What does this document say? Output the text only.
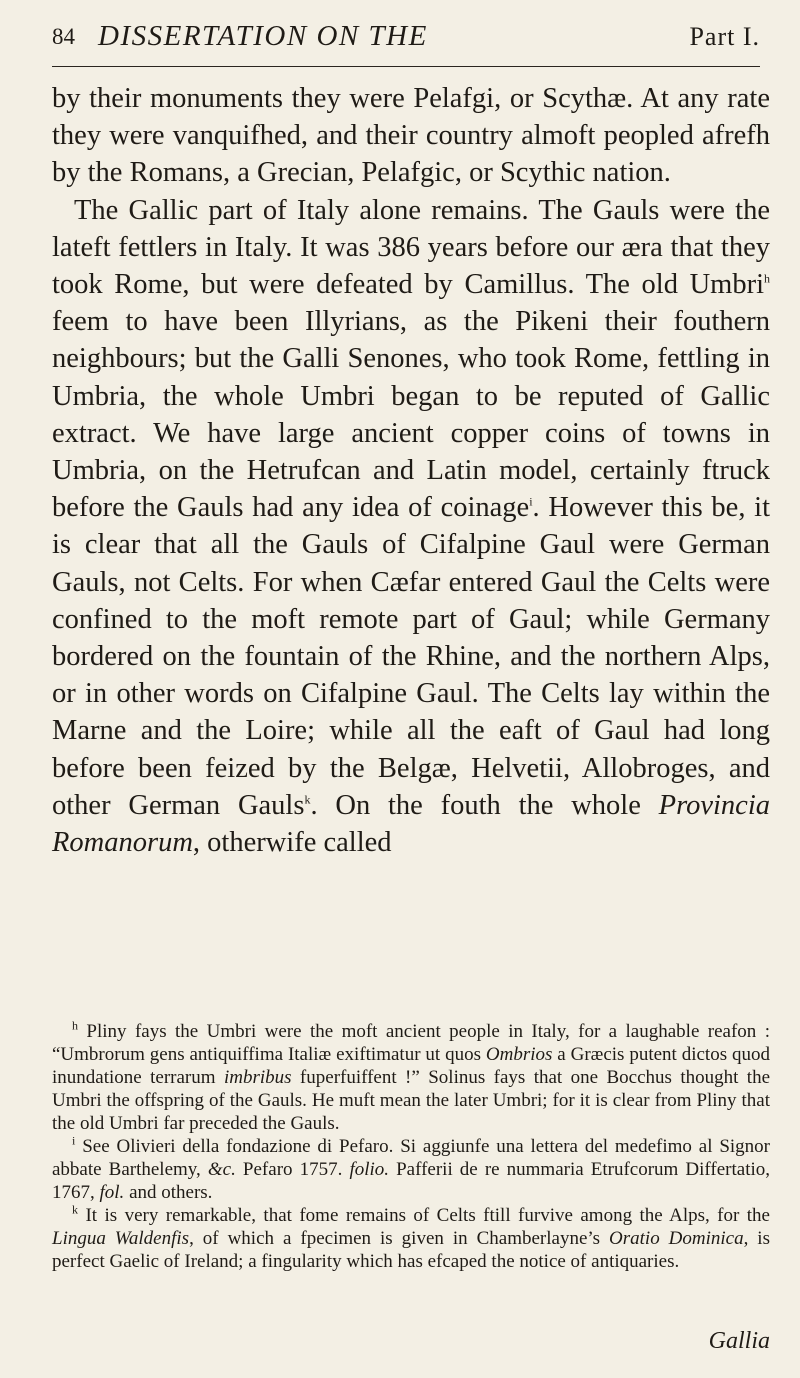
84 DISSERTATION ON THE	Part I.

by their monuments they were Pelafgi, or Scythæ. At any rate they were vanquifhed, and their country almoft peopled afrefh by the Romans, a Grecian, Pelafgic, or Scythic nation.

The Gallic part of Italy alone remains. The Gauls were the lateft fettlers in Italy. It was 386 years before our æra that they took Rome, but were defeated by Camillus. The old Umbri$^h$ feem to have been Illyrians, as the Pikeni their fouthern neighbours; but the Galli Senones, who took Rome, fettling in Umbria, the whole Umbri began to be reputed of Gallic extract. We have large ancient copper coins of towns in Umbria, on the Hetrufcan and Latin model, certainly ftruck before the Gauls had any idea of coinage$^i$. However this be, it is clear that all the Gauls of Cifalpine Gaul were German Gauls, not Celts. For when Cæfar entered Gaul the Celts were confined to the moft remote part of Gaul; while Germany bordered on the fountain of the Rhine, and the northern Alps, or in other words on Cifalpine Gaul. The Celts lay within the Marne and the Loire; while all the eaft of Gaul had long before been feized by the Belgæ, Helvetii, Allobroges, and other German Gauls$^k$. On the fouth the whole Provincia Romanorum, otherwife called

$^h$ Pliny fays the Umbri were the moft ancient people in Italy, for a laughable reafon : “Umbrorum gens antiquiffima Italiæ exiftimatur ut quos Ombrios a Græcis putent dictos quod inundatione terrarum imbribus fuperfuiffent !” Solinus fays that one Bocchus thought the Umbri the offspring of the Gauls. He muft mean the later Umbri; for it is clear from Pliny that the old Umbri far preceded the Gauls.

$^i$ See Olivieri della fondazione di Pefaro. Si aggiunfe una lettera del medefimo al Signor abbate Barthelemy, &c. Pefaro 1757. folio. Pafferii de re nummaria Etrufcorum Differtatio, 1767, fol. and others.

$^k$ It is very remarkable, that fome remains of Celts ftill furvive among the Alps, for the Lingua Waldenfis, of which a fpecimen is given in Chamberlayne’s Oratio Dominica, is perfect Gaelic of Ireland; a fingularity which has efcaped the notice of antiquaries.

Gallia
